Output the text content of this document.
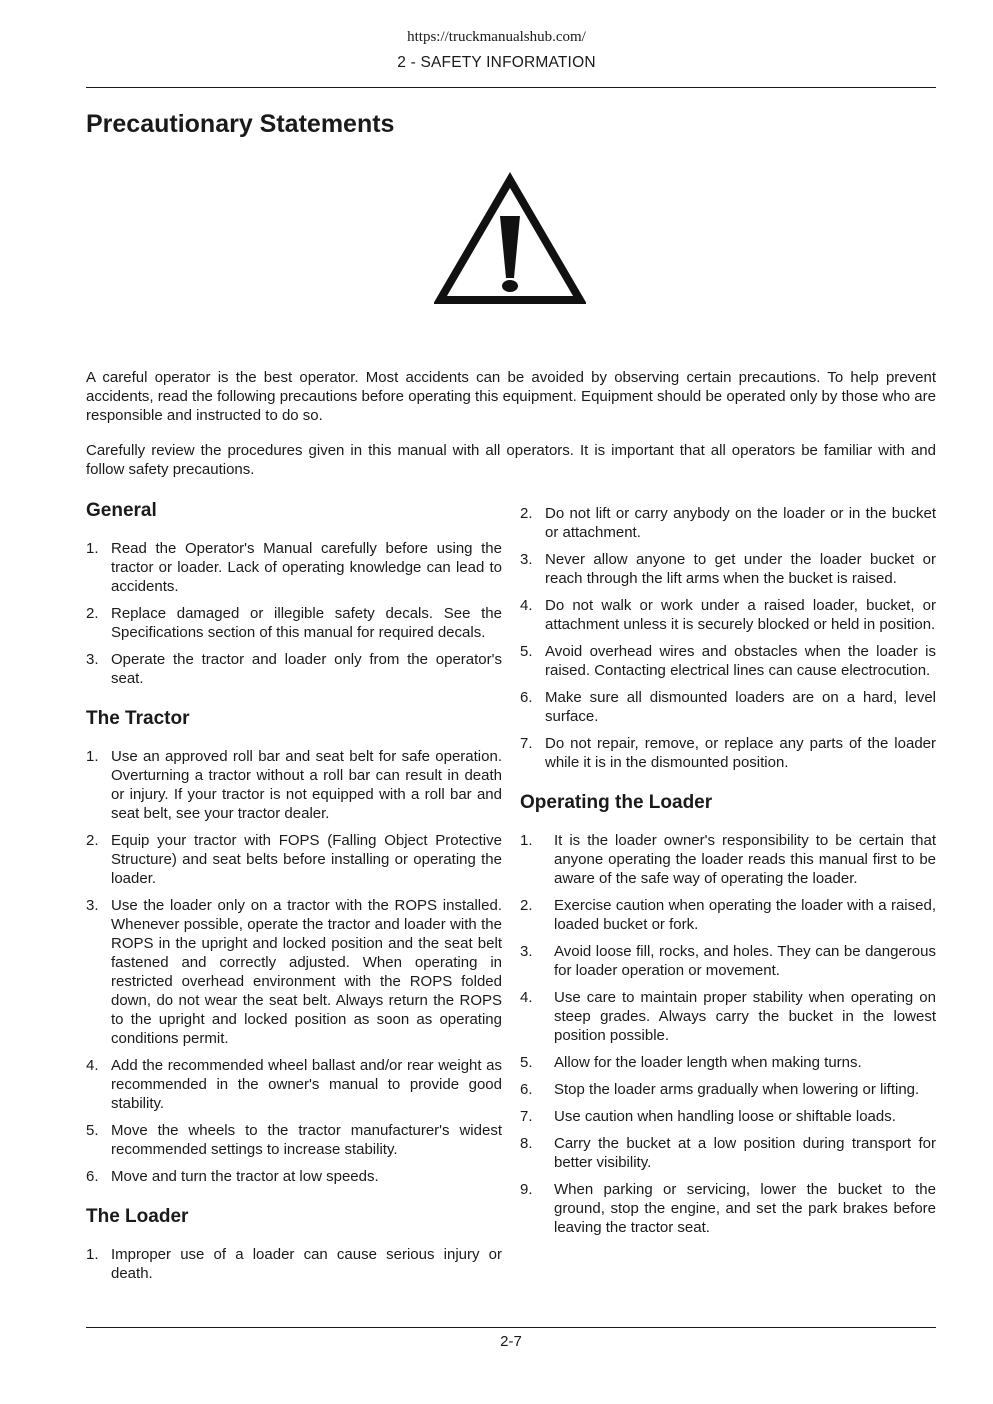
https://truckmanualshub.com/
2 - SAFETY INFORMATION
Precautionary Statements

A careful operator is the best operator. Most accidents can be avoided by observing certain precautions. To help prevent accidents, read the following precautions before operating this equipment. Equipment should be operated only by those who are responsible and instructed to do so.

Carefully review the procedures given in this manual with all operators. It is important that all operators be familiar with and follow safety precautions.

General
1. Read the Operator's Manual carefully before using the tractor or loader. Lack of operating knowledge can lead to accidents.
2. Replace damaged or illegible safety decals. See the Specifications section of this manual for required decals.
3. Operate the tractor and loader only from the operator's seat.
The Tractor
1. Use an approved roll bar and seat belt for safe operation. Overturning a tractor without a roll bar can result in death or injury. If your tractor is not equipped with a roll bar and seat belt, see your tractor dealer.
2. Equip your tractor with FOPS (Falling Object Protective Structure) and seat belts before installing or operating the loader.
3. Use the loader only on a tractor with the ROPS installed. Whenever possible, operate the tractor and loader with the ROPS in the upright and locked position and the seat belt fastened and correctly adjusted. When operating in restricted overhead environment with the ROPS folded down, do not wear the seat belt. Always return the ROPS to the upright and locked position as soon as operating conditions permit.
4. Add the recommended wheel ballast and/or rear weight as recommended in the owner's manual to provide good stability.
5. Move the wheels to the tractor manufacturer's widest recommended settings to increase stability.
6. Move and turn the tractor at low speeds.
The Loader
1. Improper use of a loader can cause serious injury or death.
2. Do not lift or carry anybody on the loader or in the bucket or attachment.
3. Never allow anyone to get under the loader bucket or reach through the lift arms when the bucket is raised.
4. Do not walk or work under a raised loader, bucket, or attachment unless it is securely blocked or held in position.
5. Avoid overhead wires and obstacles when the loader is raised. Contacting electrical lines can cause electrocution.
6. Make sure all dismounted loaders are on a hard, level surface.
7. Do not repair, remove, or replace any parts of the loader while it is in the dismounted position.
Operating the Loader
1. It is the loader owner's responsibility to be certain that anyone operating the loader reads this manual first to be aware of the safe way of operating the loader.
2. Exercise caution when operating the loader with a raised, loaded bucket or fork.
3. Avoid loose fill, rocks, and holes. They can be dangerous for loader operation or movement.
4. Use care to maintain proper stability when operating on steep grades. Always carry the bucket in the lowest position possible.
5. Allow for the loader length when making turns.
6. Stop the loader arms gradually when lowering or lifting.
7. Use caution when handling loose or shiftable loads.
8. Carry the bucket at a low position during transport for better visibility.
9. When parking or servicing, lower the bucket to the ground, stop the engine, and set the park brakes before leaving the tractor seat.
2-7
